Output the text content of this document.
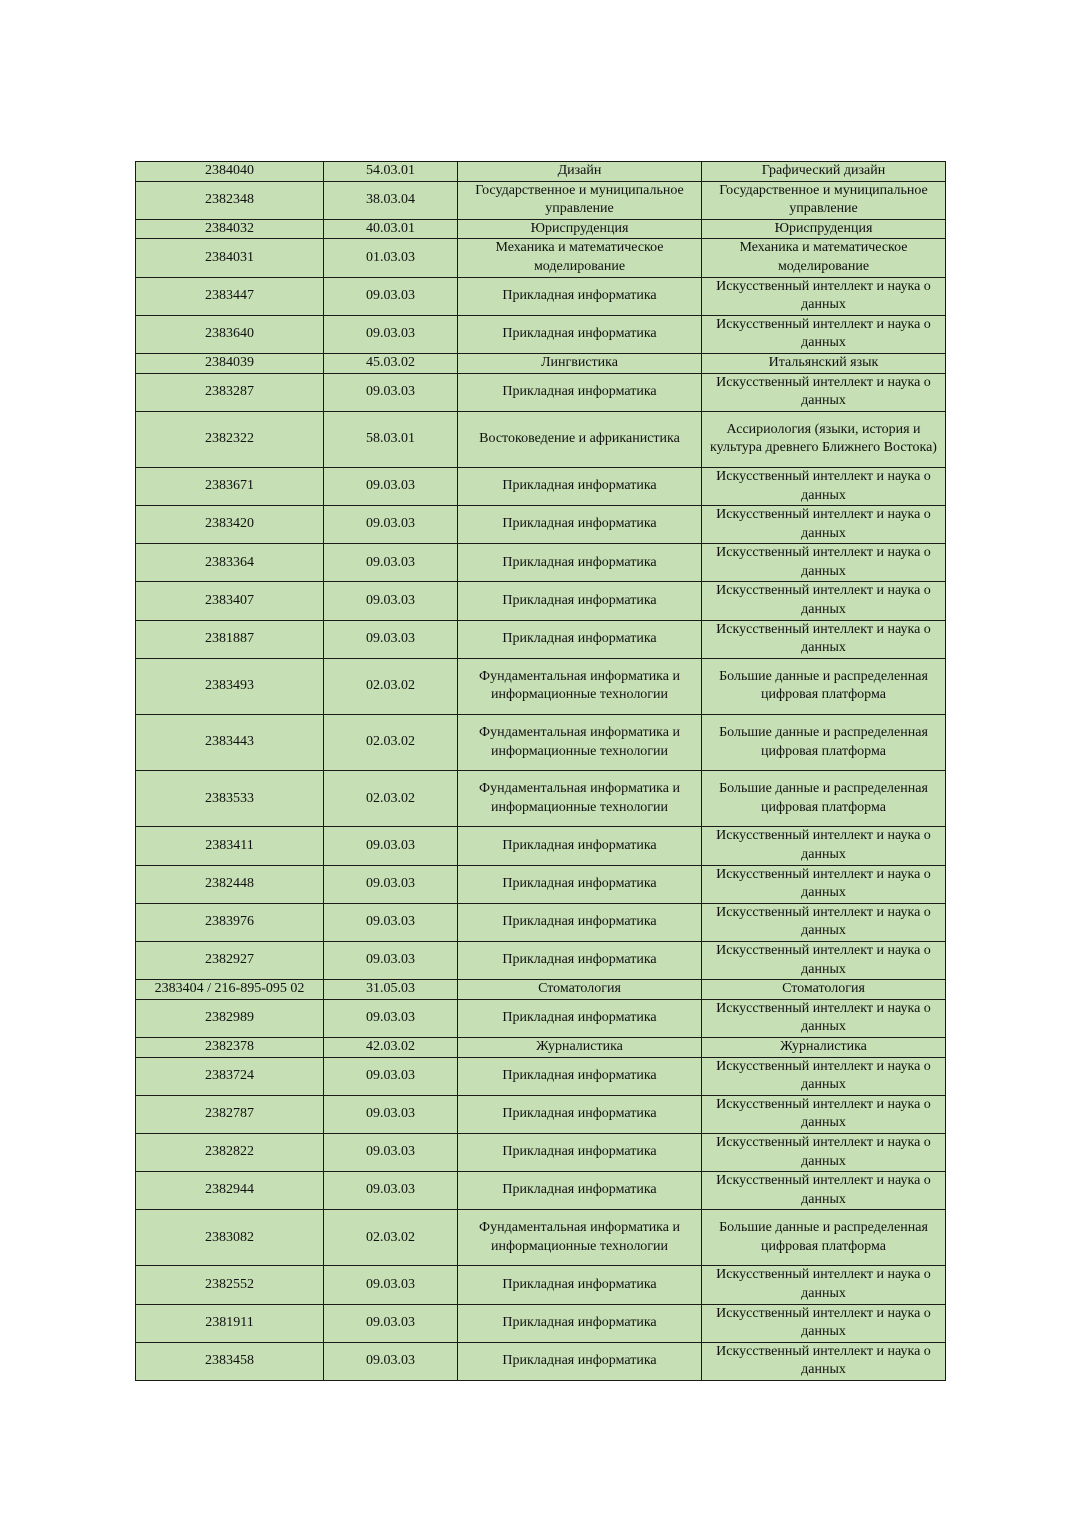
2384040	54.03.01	Дизайн	Графический дизайн
2382348	38.03.04	Государственное и муниципальное управление	Государственное и муниципальное управление
2384032	40.03.01	Юриспруденция	Юриспруденция
2384031	01.03.03	Механика и математическое моделирование	Механика и математическое моделирование
2383447	09.03.03	Прикладная информатика	Искусственный интеллект и наука о данных
2383640	09.03.03	Прикладная информатика	Искусственный интеллект и наука о данных
2384039	45.03.02	Лингвистика	Итальянский язык
2383287	09.03.03	Прикладная информатика	Искусственный интеллект и наука о данных
2382322	58.03.01	Востоковедение и африканистика	Ассириология (языки, история и культура древнего Ближнего Востока)
2383671	09.03.03	Прикладная информатика	Искусственный интеллект и наука о данных
2383420	09.03.03	Прикладная информатика	Искусственный интеллект и наука о данных
2383364	09.03.03	Прикладная информатика	Искусственный интеллект и наука о данных
2383407	09.03.03	Прикладная информатика	Искусственный интеллект и наука о данных
2381887	09.03.03	Прикладная информатика	Искусственный интеллект и наука о данных
2383493	02.03.02	Фундаментальная информатика и информационные технологии	Большие данные и распределенная цифровая платформа
2383443	02.03.02	Фундаментальная информатика и информационные технологии	Большие данные и распределенная цифровая платформа
2383533	02.03.02	Фундаментальная информатика и информационные технологии	Большие данные и распределенная цифровая платформа
2383411	09.03.03	Прикладная информатика	Искусственный интеллект и наука о данных
2382448	09.03.03	Прикладная информатика	Искусственный интеллект и наука о данных
2383976	09.03.03	Прикладная информатика	Искусственный интеллект и наука о данных
2382927	09.03.03	Прикладная информатика	Искусственный интеллект и наука о данных
2383404 / 216-895-095 02	31.05.03	Стоматология	Стоматология
2382989	09.03.03	Прикладная информатика	Искусственный интеллект и наука о данных
2382378	42.03.02	Журналистика	Журналистика
2383724	09.03.03	Прикладная информатика	Искусственный интеллект и наука о данных
2382787	09.03.03	Прикладная информатика	Искусственный интеллект и наука о данных
2382822	09.03.03	Прикладная информатика	Искусственный интеллект и наука о данных
2382944	09.03.03	Прикладная информатика	Искусственный интеллект и наука о данных
2383082	02.03.02	Фундаментальная информатика и информационные технологии	Большие данные и распределенная цифровая платформа
2382552	09.03.03	Прикладная информатика	Искусственный интеллект и наука о данных
2381911	09.03.03	Прикладная информатика	Искусственный интеллект и наука о данных
2383458	09.03.03	Прикладная информатика	Искусственный интеллект и наука о данных
